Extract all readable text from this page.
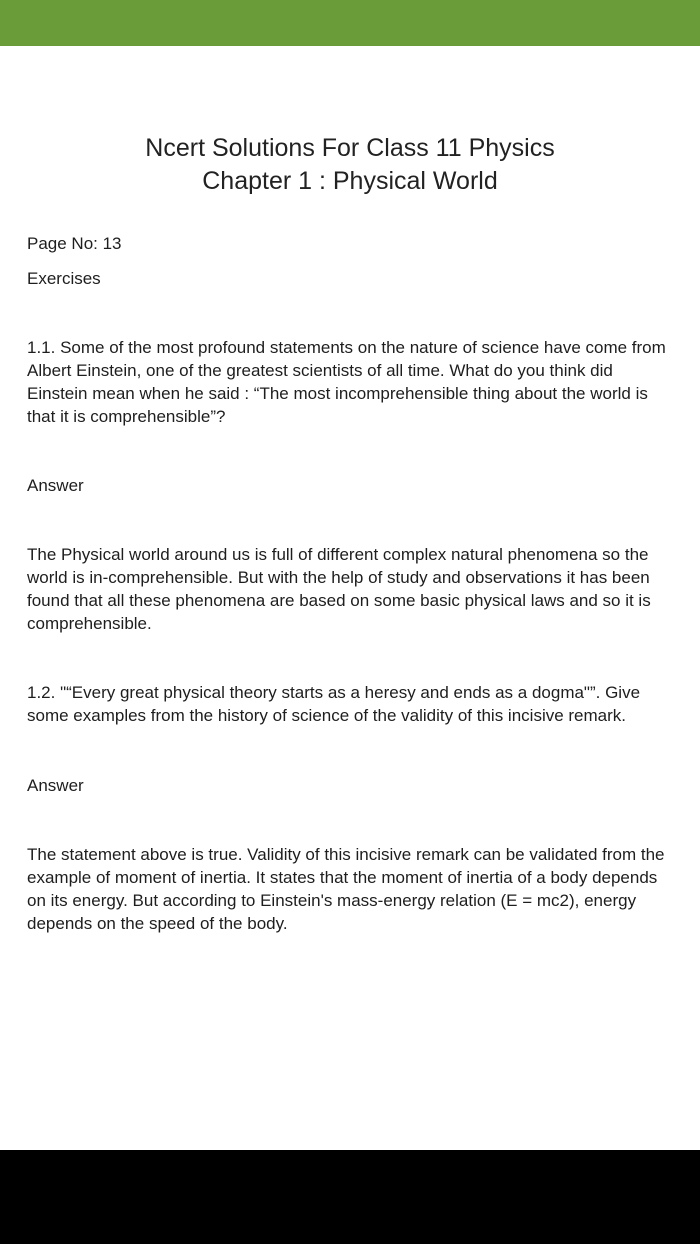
Ncert Solutions For Class 11 Physics
Chapter 1 : Physical World

Page No: 13

Exercises

1.1. Some of the most profound statements on the nature of science have come from Albert Einstein, one of the greatest scientists of all time. What do you think did Einstein mean when he said : “The most incomprehensible thing about the world is that it is comprehensible”?

Answer

The Physical world around us is full of different complex natural phenomena so the world is in-comprehensible. But with the help of study and observations it has been found that all these phenomena are based on some basic physical laws and so it is comprehensible.

1.2. "“Every great physical theory starts as a heresy and ends as a dogma"”. Give some examples from the history of science of the validity of this incisive remark.

Answer

The statement above is true. Validity of this incisive remark can be validated from the example of moment of inertia. It states that the moment of inertia of a body depends on its energy. But according to Einstein's mass-energy relation (E = mc2), energy depends on the speed of the body.
